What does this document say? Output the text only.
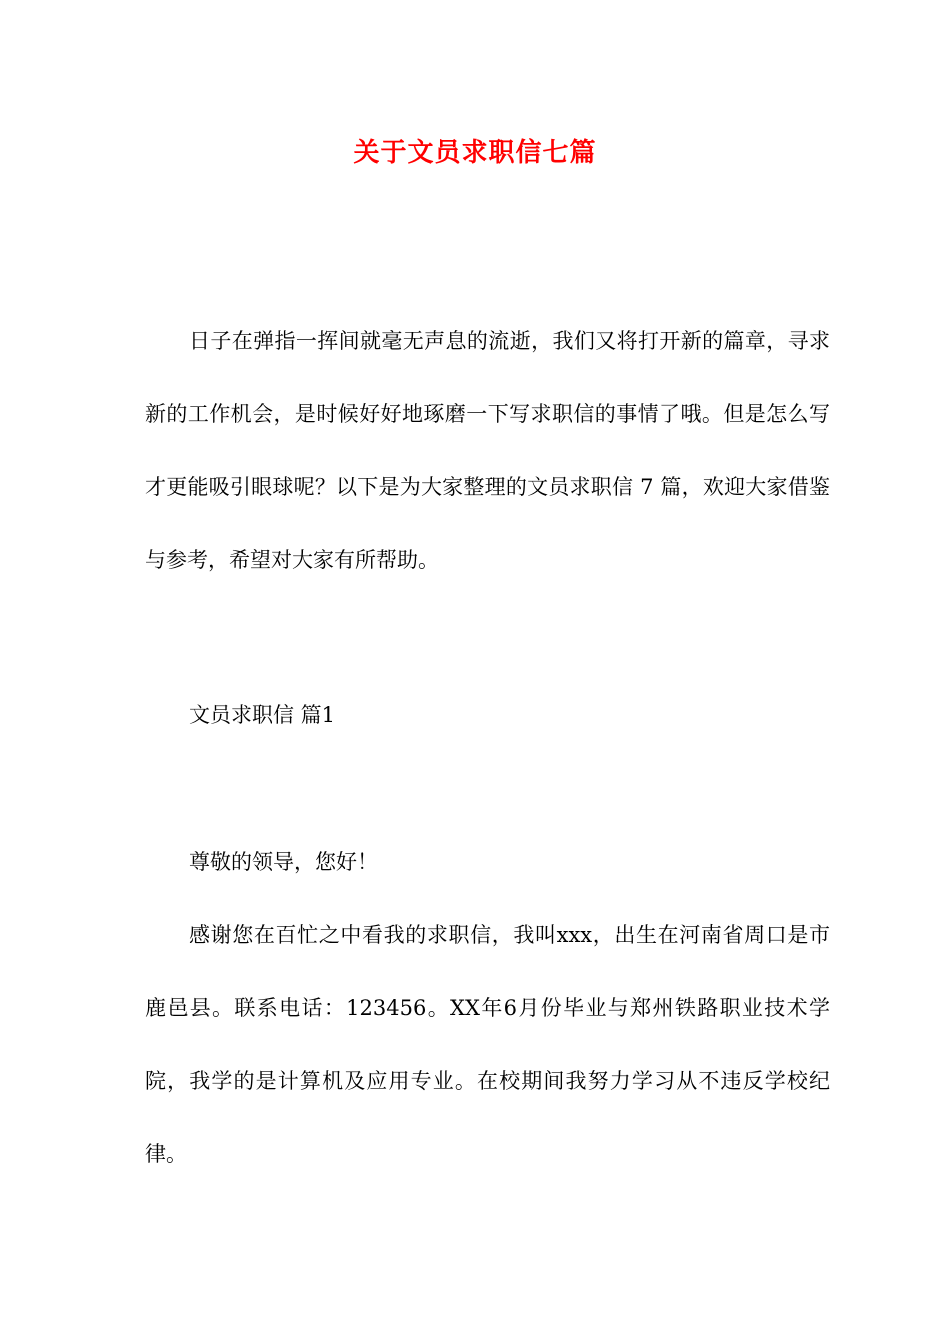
关于文员求职信七篇

日子在弹指一挥间就毫无声息的流逝，我们又将打开新的篇章，寻求新的工作机会，是时候好好地琢磨一下写求职信的事情了哦。但是怎么写才更能吸引眼球呢？以下是为大家整理的文员求职信 7 篇，欢迎大家借鉴与参考，希望对大家有所帮助。

文员求职信 篇1

尊敬的领导，您好！

感谢您在百忙之中看我的求职信，我叫xxx，出生在河南省周口是市鹿邑县。联系电话：123456。XX年6月份毕业与郑州铁路职业技术学院，我学的是计算机及应用专业。在校期间我努力学习从不违反学校纪律。
